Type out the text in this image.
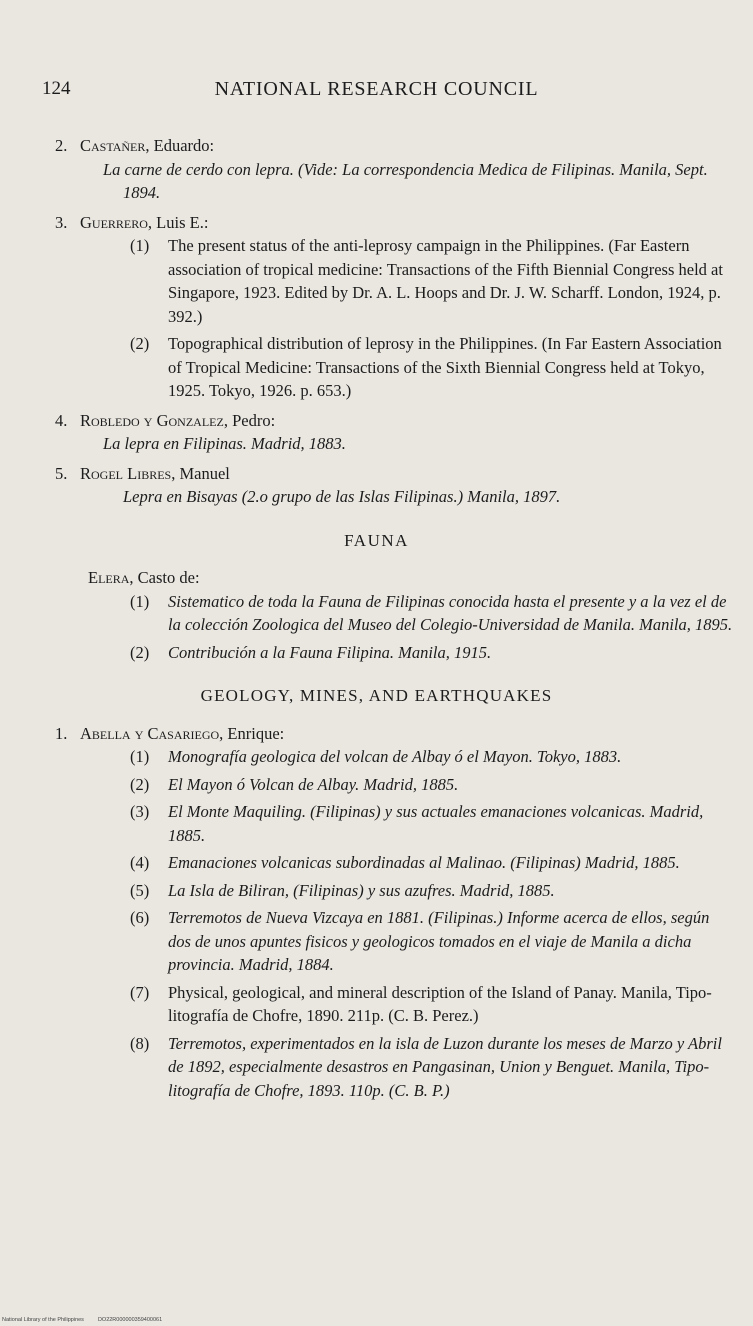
124	NATIONAL RESEARCH COUNCIL
2. Castañer, Eduardo:
La carne de cerdo con lepra. (Vide: La correspondencia Medica de Filipinas. Manila, Sept. 1894.
3. Guerrero, Luis E.:
(1) The present status of the anti-leprosy campaign in the Philippines. (Far Eastern association of tropical medicine: Transactions of the Fifth Biennial Congress held at Singapore, 1923. Edited by Dr. A. L. Hoops and Dr. J. W. Scharff. London, 1924, p. 392.)
(2) Topographical distribution of leprosy in the Philippines. (In Far Eastern Association of Tropical Medicine: Transactions of the Sixth Biennial Congress held at Tokyo, 1925. Tokyo, 1926. p. 653.)
4. Robledo y Gonzalez, Pedro:
La lepra en Filipinas. Madrid, 1883.
5. Rogel Libres, Manuel
Lepra en Bisayas (2.o grupo de las Islas Filipinas.) Manila, 1897.
FAUNA
Elera, Casto de:
(1) Sistematico de toda la Fauna de Filipinas conocida hasta el presente y a la vez el de la colección Zoologica del Museo del Colegio-Universidad de Manila. Manila, 1895.
(2) Contribución a la Fauna Filipina. Manila, 1915.
GEOLOGY, MINES, AND EARTHQUAKES
1. Abella y Casariego, Enrique:
(1) Monografía geologica del volcan de Albay ó el Mayon. Tokyo, 1883.
(2) El Mayon ó Volcan de Albay. Madrid, 1885.
(3) El Monte Maquiling. (Filipinas) y sus actuales emanaciones volcanicas. Madrid, 1885.
(4) Emanaciones volcanicas subordinadas al Malinao. (Filipinas) Madrid, 1885.
(5) La Isla de Biliran, (Filipinas) y sus azufres. Madrid, 1885.
(6) Terremotos de Nueva Vizcaya en 1881. (Filipinas.) Informe acerca de ellos, según dos de unos apuntes fisicos y geologicos tomados en el viaje de Manila a dicha provincia. Madrid, 1884.
(7) Physical, geological, and mineral description of the Island of Panay. Manila, Tipo-litografía de Chofre, 1890. 211p. (C. B. Perez.)
(8) Terremotos, experimentados en la isla de Luzon durante los meses de Marzo y Abril de 1892, especialmente desastros en Pangasinan, Union y Benguet. Manila, Tipo-litografía de Chofre, 1893. 110p. (C. B. P.)
National Library of the Philippines	DO22R000000359400061
